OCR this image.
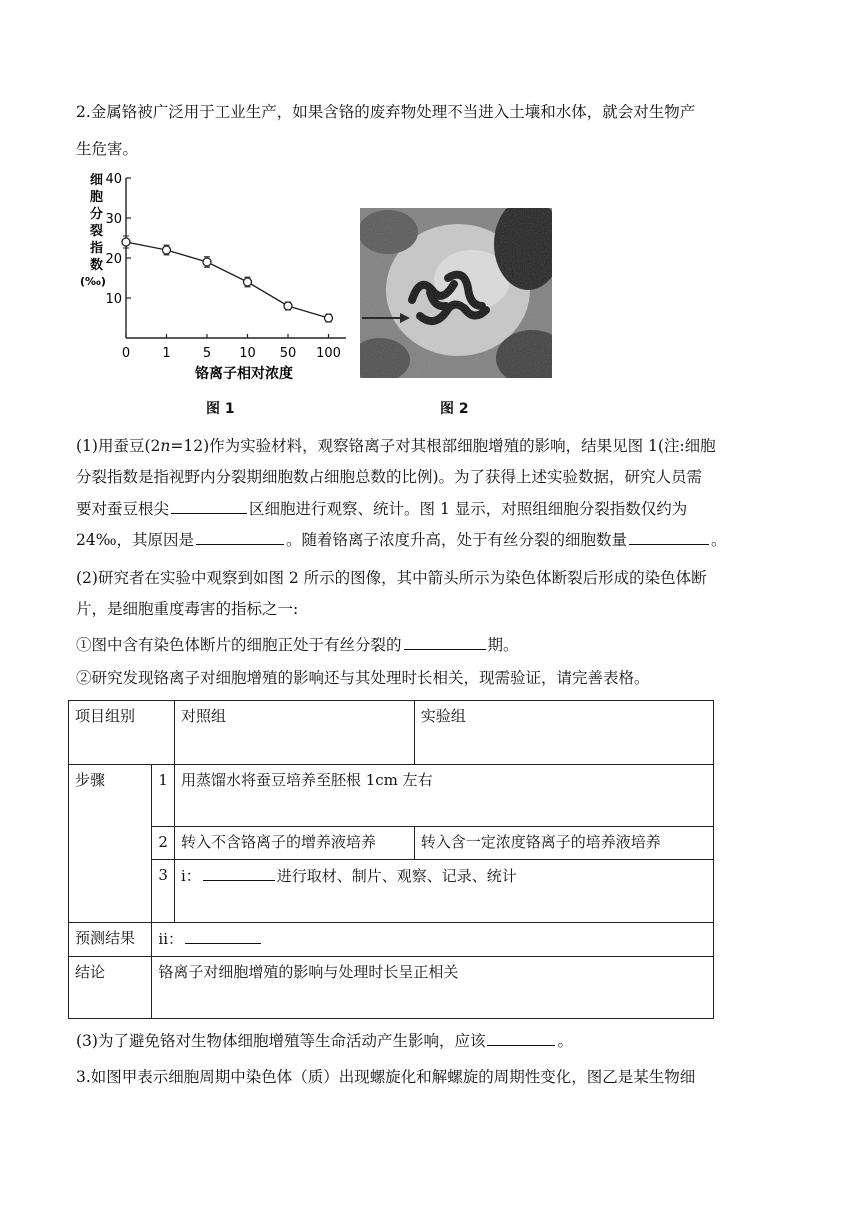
2.金属铬被广泛用于工业生产，如果含铬的废弃物处理不当进入土壤和水体，就会对生物产
生危害。
细
胞
分
裂
指
数
(‰)
10
20
30
40
0 1 5 10 50 100
铬离子相对浓度
图 1	图 2
(1)用蚕豆(2n=12)作为实验材料，观察铬离子对其根部细胞增殖的影响，结果见图 1(注:细胞
分裂指数是指视野内分裂期细胞数占细胞总数的比例)。为了获得上述实验数据，研究人员需
要对蚕豆根尖	区细胞进行观察、统计。图 1 显示，对照组细胞分裂指数仅约为
24‰，其原因是	。随着铬离子浓度升高，处于有丝分裂的细胞数量	。
(2)研究者在实验中观察到如图 2 所示的图像，其中箭头所示为染色体断裂后形成的染色体断
片，是细胞重度毒害的指标之一:
①图中含有染色体断片的细胞正处于有丝分裂的	期。
②研究发现铬离子对细胞增殖的影响还与其处理时长相关，现需验证，请完善表格。
项目组别		对照组	实验组
步骤	1	用蒸馏水将蚕豆培养至胚根 1cm 左右	
	2	转入不含铬离子的增养液培养	转入含一定浓度铬离子的培养液培养
	3	i： 进行取材、制片、观察、记录、统计	
预测结果	ii：		
结论	铬离子对细胞增殖的影响与处理时长呈正相关		
(3)为了避免铬对生物体细胞增殖等生命活动产生影响，应该	。
3.如图甲表示细胞周期中染色体（质）出现螺旋化和解螺旋的周期性变化，图乙是某生物细
